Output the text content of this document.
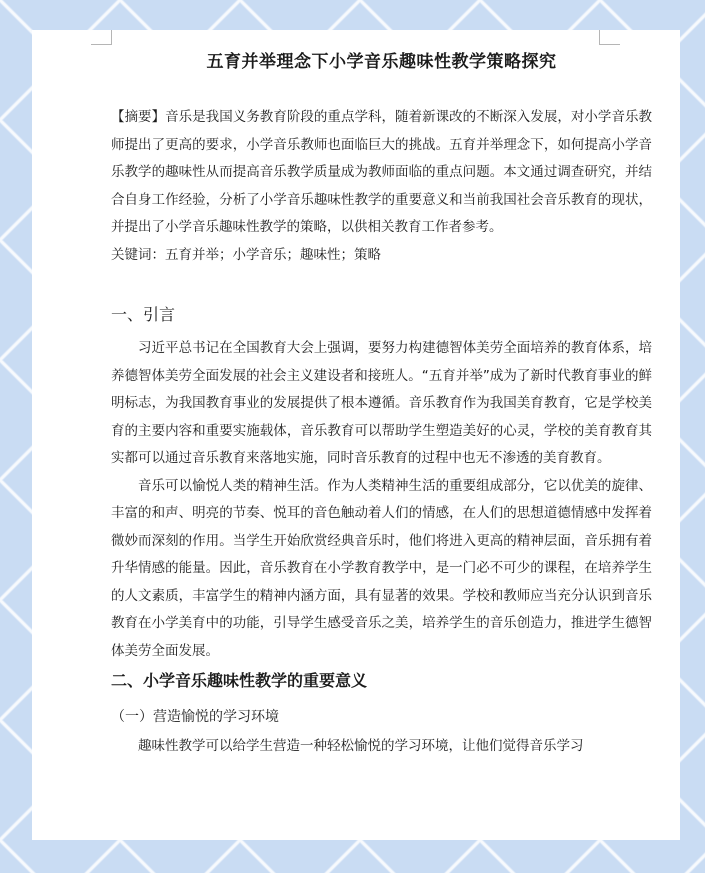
五育并举理念下小学音乐趣味性教学策略探究

【摘要】音乐是我国义务教育阶段的重点学科，随着新课改的不断深入发展，对小学音乐教师提出了更高的要求，小学音乐教师也面临巨大的挑战。五育并举理念下，如何提高小学音乐教学的趣味性从而提高音乐教学质量成为教师面临的重点问题。本文通过调查研究，并结合自身工作经验，分析了小学音乐趣味性教学的重要意义和当前我国社会音乐教育的现状，并提出了小学音乐趣味性教学的策略，以供相关教育工作者参考。

关键词：五育并举；小学音乐；趣味性；策略

一、引言

习近平总书记在全国教育大会上强调，要努力构建德智体美劳全面培养的教育体系，培养德智体美劳全面发展的社会主义建设者和接班人。“五育并举”成为了新时代教育事业的鲜明标志，为我国教育事业的发展提供了根本遵循。音乐教育作为我国美育教育，它是学校美育的主要内容和重要实施载体，音乐教育可以帮助学生塑造美好的心灵，学校的美育教育其实都可以通过音乐教育来落地实施，同时音乐教育的过程中也无不渗透的美育教育。

音乐可以愉悦人类的精神生活。作为人类精神生活的重要组成部分，它以优美的旋律、丰富的和声、明亮的节奏、悦耳的音色触动着人们的情感，在人们的思想道德情感中发挥着微妙而深刻的作用。当学生开始欣赏经典音乐时，他们将进入更高的精神层面，音乐拥有着升华情感的能量。因此，音乐教育在小学教育教学中，是一门必不可少的课程，在培养学生的人文素质，丰富学生的精神内涵方面，具有显著的效果。学校和教师应当充分认识到音乐教育在小学美育中的功能，引导学生感受音乐之美，培养学生的音乐创造力，推进学生德智体美劳全面发展。

二、小学音乐趣味性教学的重要意义
（一）营造愉悦的学习环境

趣味性教学可以给学生营造一种轻松愉悦的学习环境，让他们觉得音乐学习
